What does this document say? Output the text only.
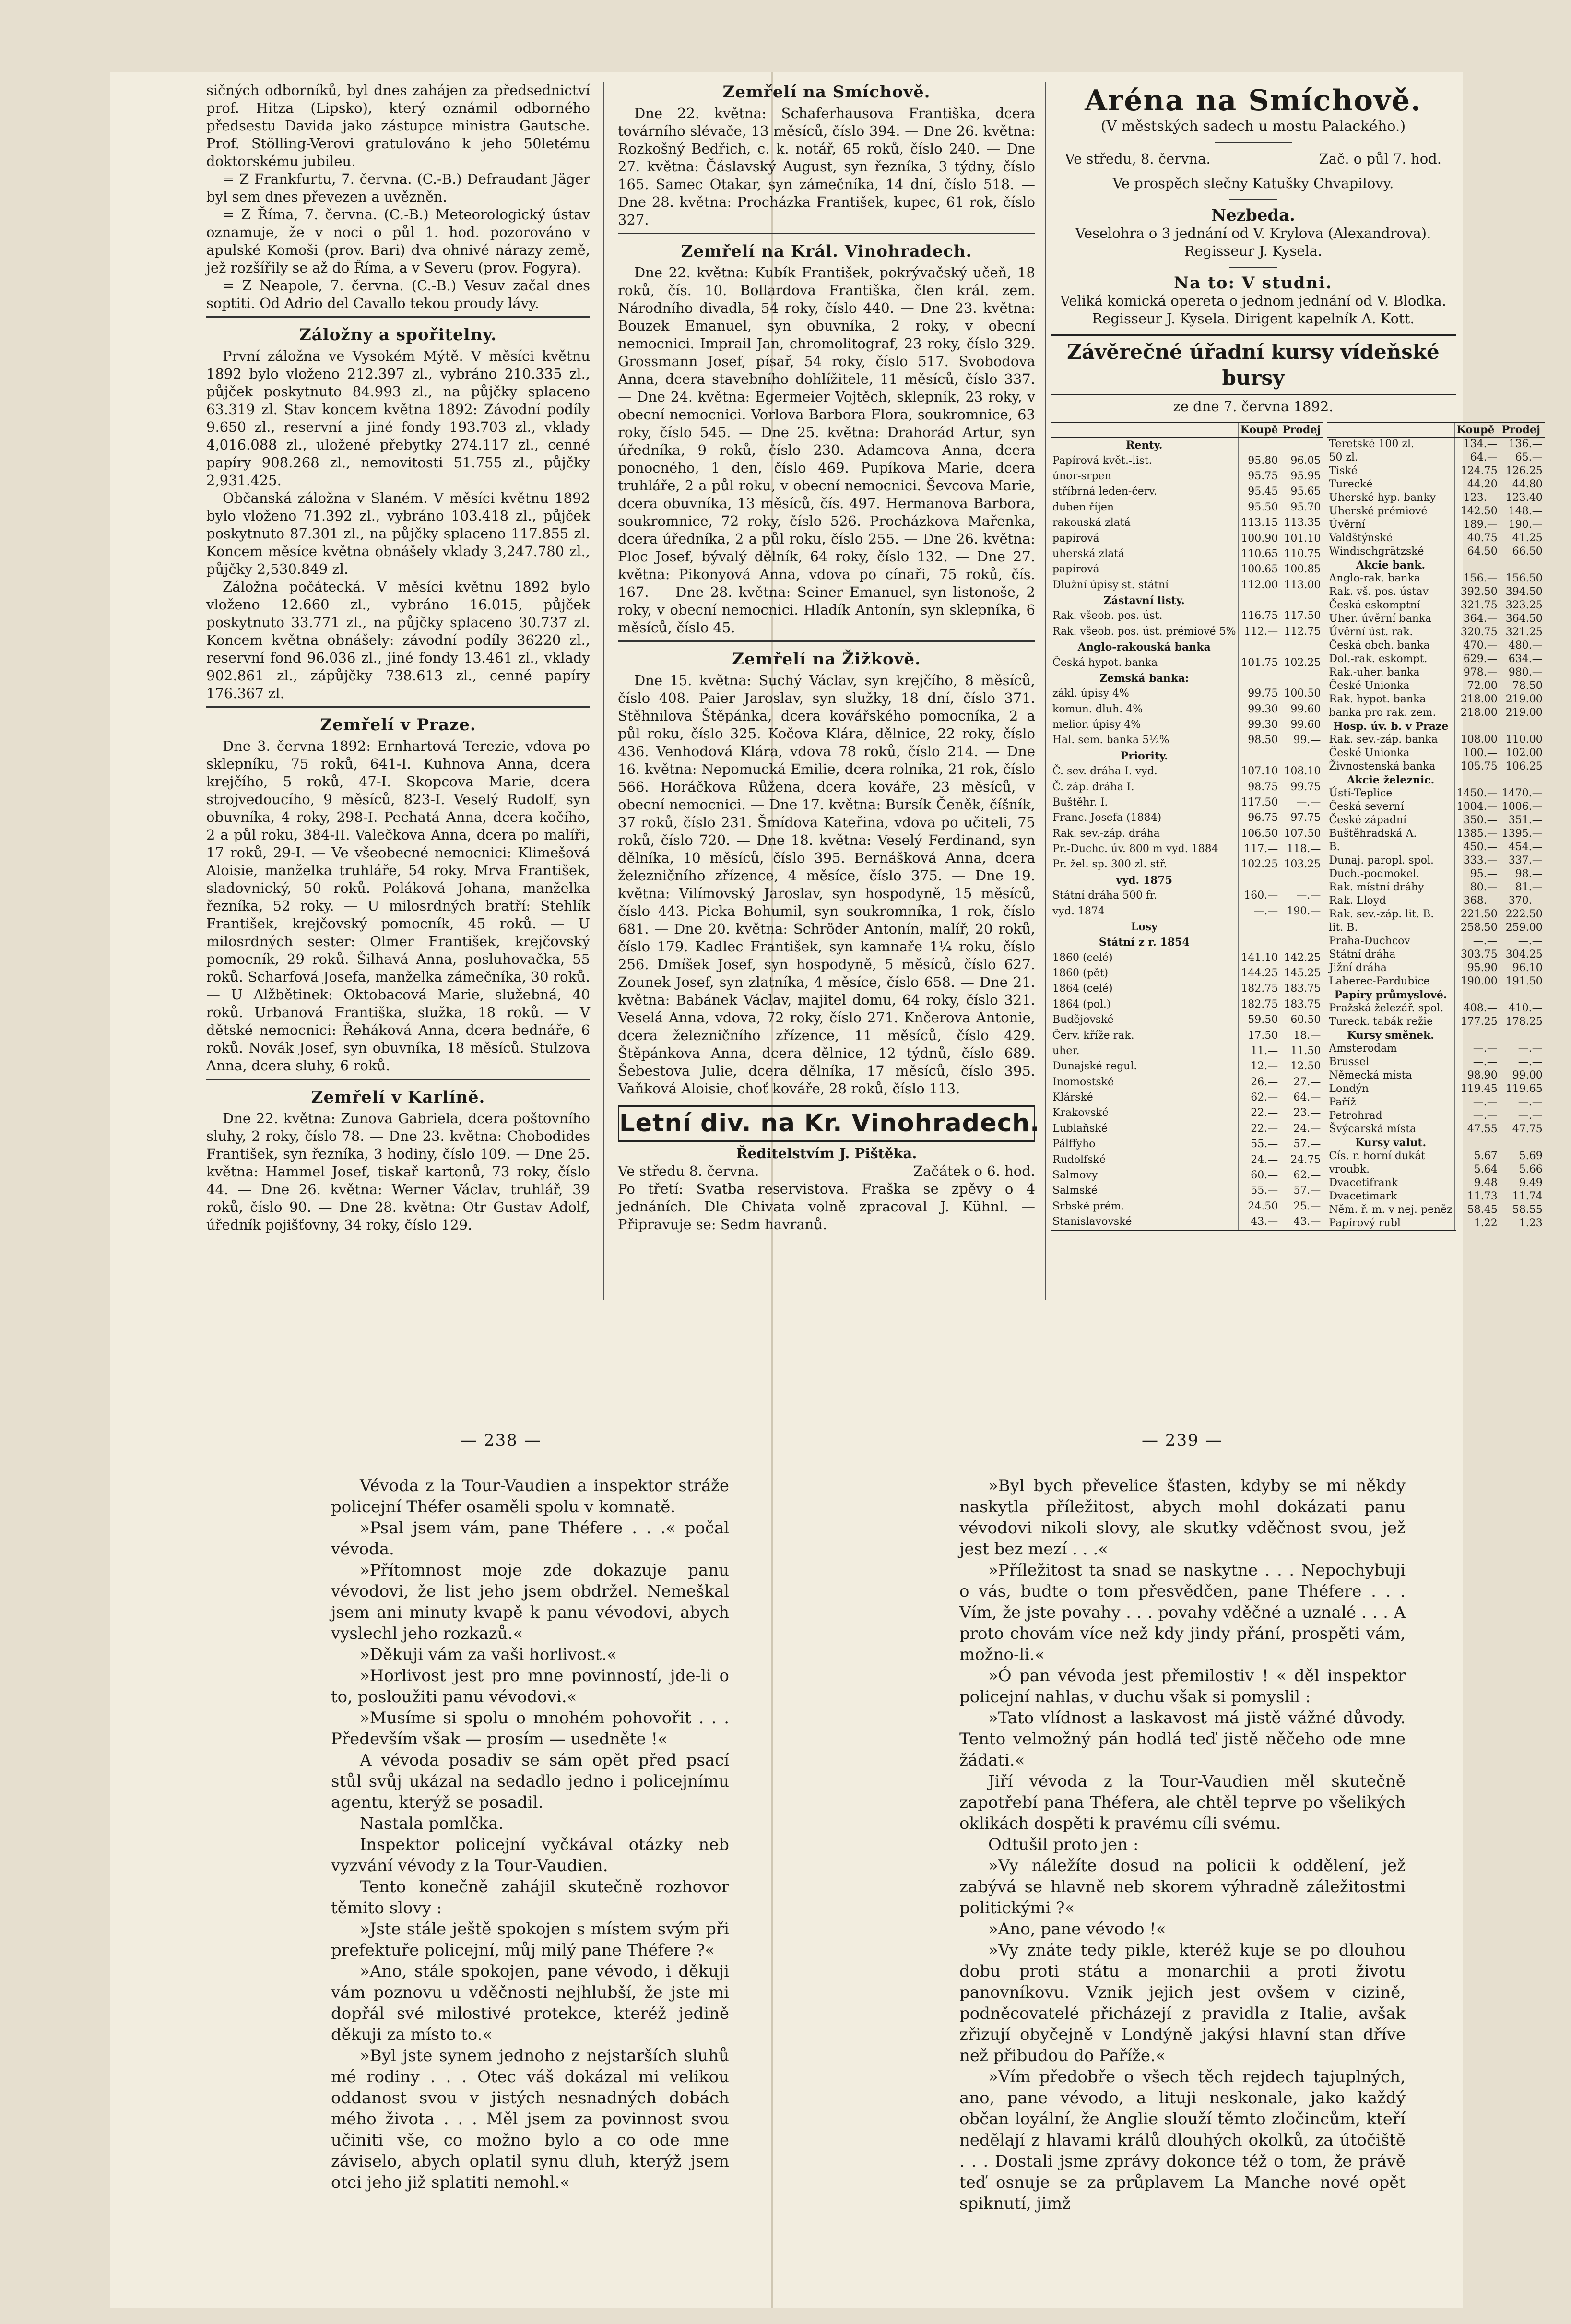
sičných odborníků, byl dnes zahájen za předsednictví prof. Hitza (Lipsko), který oznámil odborného předsestu Davida jako zástupce ministra Gautsche. Prof. Stölling-Verovi gratulováno k jeho 50letému doktorskému jubileu.

= Z Frankfurtu, 7. června. (C.-B.) Defraudant Jäger byl sem dnes převezen a uvězněn.

= Z Říma, 7. června. (C.-B.) Meteorologický ústav oznamuje, že v noci o půl 1. hod. pozorováno v apulské Komoši (prov. Bari) dva ohnivé nárazy země, jež rozšířily se až do Říma, a v Severu (prov. Fogyra).

= Z Neapole, 7. června. (C.-B.) Vesuv začal dnes soptiti. Od Adrio del Cavallo tekou proudy lávy.

Záložny a spořitelny.

První záložna ve Vysokém Mýtě. V měsíci květnu 1892 bylo vloženo 212.397 zl., vybráno 210.335 zl., půjček poskytnuto 84.993 zl., na půjčky splaceno 63.319 zl. Stav koncem května 1892: Závodní podíly 9.650 zl., reservní a jiné fondy 193.703 zl., vklady 4,016.088 zl., uložené přebytky 274.117 zl., cenné papíry 908.268 zl., nemovitosti 51.755 zl., půjčky 2,931.425.

Občanská záložna v Slaném. V měsíci květnu 1892 bylo vloženo 71.392 zl., vybráno 103.418 zl., půjček poskytnuto 87.301 zl., na půjčky splaceno 117.855 zl. Koncem měsíce května obnášely vklady 3,247.780 zl., půjčky 2,530.849 zl.

Záložna počátecká. V měsíci květnu 1892 bylo vloženo 12.660 zl., vybráno 16.015, půjček poskytnuto 33.771 zl., na půjčky splaceno 30.737 zl. Koncem května obnášely: závodní podíly 36220 zl., reservní fond 96.036 zl., jiné fondy 13.461 zl., vklady 902.861 zl., zápůjčky 738.613 zl., cenné papíry 176.367 zl.

Zemřelí v Praze.

Dne 3. června 1892: Ernhartová Terezie, vdova po sklepníku, 75 roků, 641-I. Kuhnova Anna, dcera krejčího, 5 roků, 47-I. Skopcova Marie, dcera strojvedoucího, 9 měsíců, 823-I. Veselý Rudolf, syn obuvníka, 4 roky, 298-I. Pechatá Anna, dcera kočího, 2 a půl roku, 384-II. Valečkova Anna, dcera po malíři, 17 roků, 29-I. — Ve všeobecné nemocnici: Klimešová Aloisie, manželka truhláře, 54 roky. Mrva František, sladovnický, 50 roků. Poláková Johana, manželka řezníka, 52 roky. — U milosrdných bratří: Stehlík František, krejčovský pomocník, 45 roků. — U milosrdných sester: Olmer František, krejčovský pomocník, 29 roků. Šilhavá Anna, posluhovačka, 55 roků. Scharfová Josefa, manželka zámečníka, 30 roků. — U Alžbětinek: Oktobacová Marie, služebná, 40 roků. Urbanová Františka, služka, 18 roků. — V dětské nemocnici: Řeháková Anna, dcera bednáře, 6 roků. Novák Josef, syn obuvníka, 18 měsíců. Stulzova Anna, dcera sluhy, 6 roků.

Zemřelí v Karlíně.

Dne 22. května: Zunova Gabriela, dcera poštovního sluhy, 2 roky, číslo 78. — Dne 23. května: Chobodides František, syn řezníka, 3 hodiny, číslo 109. — Dne 25. května: Hammel Josef, tiskař kartonů, 73 roky, číslo 44. — Dne 26. května: Werner Václav, truhlář, 39 roků, číslo 90. — Dne 28. května: Otr Gustav Adolf, úředník pojišťovny, 34 roky, číslo 129.

Zemřelí na Smíchově.

Dne 22. května: Schaferhausova Františka, dcera továrního slévače, 13 měsíců, číslo 394. — Dne 26. května: Rozkošný Bedřich, c. k. notář, 65 roků, číslo 240. — Dne 27. května: Čáslavský August, syn řezníka, 3 týdny, číslo 165. Samec Otakar, syn zámečníka, 14 dní, číslo 518. — Dne 28. května: Procházka František, kupec, 61 rok, číslo 327.

Zemřelí na Král. Vinohradech.

Dne 22. května: Kubík František, pokrývačský učeň, 18 roků, čís. 10. Bollardova Františka, člen král. zem. Národního divadla, 54 roky, číslo 440. — Dne 23. května: Bouzek Emanuel, syn obuvníka, 2 roky, v obecní nemocnici. Imprail Jan, chromolitograf, 23 roky, číslo 329. Grossmann Josef, písař, 54 roky, číslo 517. Svobodova Anna, dcera stavebního dohlížitele, 11 měsíců, číslo 337. — Dne 24. května: Egermeier Vojtěch, sklepník, 23 roky, v obecní nemocnici. Vorlova Barbora Flora, soukromnice, 63 roky, číslo 545. — Dne 25. května: Drahorád Artur, syn úředníka, 9 roků, číslo 230. Adamcova Anna, dcera ponocného, 1 den, číslo 469. Pupíkova Marie, dcera truhláře, 2 a půl roku, v obecní nemocnici. Ševcova Marie, dcera obuvníka, 13 měsíců, čís. 497. Hermanova Barbora, soukromnice, 72 roky, číslo 526. Procházkova Mařenka, dcera úředníka, 2 a půl roku, číslo 255. — Dne 26. května: Ploc Josef, bývalý dělník, 64 roky, číslo 132. — Dne 27. května: Pikonyová Anna, vdova po cínaři, 75 roků, čís. 167. — Dne 28. května: Seiner Emanuel, syn listonoše, 2 roky, v obecní nemocnici. Hladík Antonín, syn sklepníka, 6 měsíců, číslo 45.

Zemřelí na Žižkově.

Dne 15. května: Suchý Václav, syn krejčího, 8 měsíců, číslo 408. Paier Jaroslav, syn služky, 18 dní, číslo 371. Stěhnilova Štěpánka, dcera kovářského pomocníka, 2 a půl roku, číslo 325. Kočova Klára, dělnice, 22 roky, číslo 436. Venhodová Klára, vdova 78 roků, číslo 214. — Dne 16. května: Nepomucká Emilie, dcera rolníka, 21 rok, číslo 566. Horáčkova Růžena, dcera kováře, 23 měsíců, v obecní nemocnici. — Dne 17. května: Bursík Čeněk, číšník, 37 roků, číslo 231. Šmídova Kateřina, vdova po učiteli, 75 roků, číslo 720. — Dne 18. května: Veselý Ferdinand, syn dělníka, 10 měsíců, číslo 395. Bernášková Anna, dcera železničního zřízence, 4 měsíce, číslo 375. — Dne 19. května: Vilímovský Jaroslav, syn hospodyně, 15 měsíců, číslo 443. Picka Bohumil, syn soukromníka, 1 rok, číslo 681. — Dne 20. května: Schröder Antonín, malíř, 20 roků, číslo 179. Kadlec František, syn kamnaře 1¼ roku, číslo 256. Dmíšek Josef, syn hospodyně, 5 měsíců, číslo 627. Zounek Josef, syn zlatníka, 4 měsíce, číslo 658. — Dne 21. května: Babánek Václav, majitel domu, 64 roky, číslo 321. Veselá Anna, vdova, 72 roky, číslo 271. Knčerova Antonie, dcera železničního zřízence, 11 měsíců, číslo 429. Štěpánkova Anna, dcera dělnice, 12 týdnů, číslo 689. Šebestova Julie, dcera dělníka, 17 měsíců, číslo 395. Vaňková Aloisie, choť kováře, 28 roků, číslo 113.

Letní div. na Kr. Vinohradech.
Ředitelstvím J. Pištěka.
Ve středu 8. června.	Začátek o 6. hod.

Po třetí: Svatba reservistova. Fraška se zpěvy o 4 jednáních. Dle Chivata volně zpracoval J. Kühnl. — Připravuje se: Sedm havranů.

Aréna na Smíchově.
(V městských sadech u mostu Palackého.)
Ve středu, 8. června.	Zač. o půl 7. hod.
Ve prospěch slečny Katušky Chvapilovy.
Nezbeda.
Veselohra o 3 jednání od V. Krylova (Alexandrova). Regisseur J. Kysela.
Na to: V studni.
Veliká komická opereta o jednom jednání od V. Blodka. Regisseur J. Kysela. Dirigent kapelník A. Kott.
Závěrečné úřadní kursy vídeňské bursy
ze dne 7. června 1892.
	Koupě	Prodej
Renty.		
Papírová květ.-list.	95.80	96.05
únor-srpen	95.75	95.95
stříbrná leden-červ.	95.45	95.65
duben říjen	95.50	95.70
rakouská zlatá	113.15	113.35
papírová	100.90	101.10
uherská zlatá	110.65	110.75
papírová	100.65	100.85
Dlužní úpisy st. státní	112.00	113.00
Zástavní listy.		
Rak. všeob. pos. úst.	116.75	117.50
Rak. všeob. pos. úst. prémiové 5%	112.—	112.75
Anglo-rakouská banka		
Česká hypot. banka	101.75	102.25
Zemská banka:		
zákl. úpisy 4%	99.75	100.50
komun. dluh. 4%	99.30	99.60
melior. úpisy 4%	99.30	99.60
Hal. sem. banka 5½%	98.50	99.—
Priority.		
Č. sev. dráha I. vyd.	107.10	108.10
Č. záp. dráha I.	98.75	99.75
Buštěhr. I.	117.50	—.—
Franc. Josefa (1884)	96.75	97.75
Rak. sev.-záp. dráha	106.50	107.50
Pr.-Duchc. úv. 800 m vyd. 1884	117.—	118.—
Pr. žel. sp. 300 zl. stř.	102.25	103.25
vyd. 1875		
Státní dráha 500 fr.	160.—	—.—
vyd. 1874	—.—	190.—
Losy		
Státní z r. 1854		
1860 (celé)	141.10	142.25
1860 (pět)	144.25	145.25
1864 (celé)	182.75	183.75
1864 (pol.)	182.75	183.75
Budějovské	59.50	60.50
Červ. kříže rak.	17.50	18.—
uher.	11.—	11.50
Dunajské regul.	12.—	12.50
Inomostské	26.—	27.—
Klárské	62.—	64.—
Krakovské	22.—	23.—
Lublaňské	22.—	24.—
Pálffyho	55.—	57.—
Rudolfské	24.—	24.75
Salmovy	60.—	62.—
Salmské	55.—	57.—
Srbské prém.	24.50	25.—
Stanislavovské	43.—	43.—
	Koupě	Prodej
Teretské 100 zl.	134.—	136.—
50 zl.	64.—	65.—
Tiské	124.75	126.25
Turecké	44.20	44.80
Uherské hyp. banky	123.—	123.40
Uherské prémiové	142.50	148.—
Úvěrní	189.—	190.—
Valdštýnské	40.75	41.25
Windischgrätzské	64.50	66.50
Akcie bank.		
Anglo-rak. banka	156.—	156.50
Rak. vš. pos. ústav	392.50	394.50
Česká eskomptní	321.75	323.25
Uher. úvěrní banka	364.—	364.50
Úvěrní úst. rak.	320.75	321.25
Česká obch. banka	470.—	480.—
Dol.-rak. eskompt.	629.—	634.—
Rak.-uher. banka	978.—	980.—
České Unionka	72.00	78.50
Rak. hypot. banka	218.00	219.00
banka pro rak. zem.	218.00	219.00
Hosp. úv. b. v Praze		
Rak. sev.-záp. banka	108.00	110.00
České Unionka	100.—	102.00
Živnostenská banka	105.75	106.25
Akcie železnic.		
Ústí-Teplice	1450.—	1470.—
Česká severní	1004.—	1006.—
České západní	350.—	351.—
Buštěhradská A.	1385.—	1395.—
B.	450.—	454.—
Dunaj. paropl. spol.	333.—	337.—
Duch.-podmokel.	95.—	98.—
Rak. místní dráhy	80.—	81.—
Rak. Lloyd	368.—	370.—
Rak. sev.-záp. lit. B.	221.50	222.50
lit. B.	258.50	259.00
Praha-Duchcov	—.—	—.—
Státní dráha	303.75	304.25
Jižní dráha	95.90	96.10
Laberec-Pardubice	190.00	191.50
Papíry průmyslové.		
Pražská železář. spol.	408.—	410.—
Tureck. tabák režie	177.25	178.25
Kursy směnek.		
Amsterodam	—.—	—.—
Brussel	—.—	—.—
Německá místa	98.90	99.00
Londýn	119.45	119.65
Paříž	—.—	—.—
Petrohrad	—.—	—.—
Švýcarská místa	47.55	47.75
Kursy valut.		
Cís. r. horní dukát	5.67	5.69
vroubk.	5.64	5.66
Dvacetifrank	9.48	9.49
Dvacetimark	11.73	11.74
Něm. ř. m. v nej. peněz	58.45	58.55
Papírový rubl	1.22	1.23
— 238 —	— 239 —

Vévoda z la Tour-Vaudien a inspektor stráže policejní Théfer osaměli spolu v komnatě.

»Psal jsem vám, pane Théfere . . .« počal vévoda.

»Přítomnost moje zde dokazuje panu vévodovi, že list jeho jsem obdržel. Nemeškal jsem ani minuty kvapě k panu vévodovi, abych vyslechl jeho rozkazů.«

»Děkuji vám za vaši horlivost.«

»Horlivost jest pro mne povinností, jde-li o to, posloužiti panu vévodovi.«

»Musíme si spolu o mnohém pohovořit . . . Především však — prosím — usedněte !«

A vévoda posadiv se sám opět před psací stůl svůj ukázal na sedadlo jedno i policejnímu agentu, kterýž se posadil.

Nastala pomlčka.

Inspektor policejní vyčkával otázky neb vyzvání vévody z la Tour-Vaudien.

Tento konečně zahájil skutečně rozhovor těmito slovy :

»Jste stále ještě spokojen s místem svým při prefektuře policejní, můj milý pane Théfere ?«

»Ano, stále spokojen, pane vévodo, i děkuji vám poznovu u vděčnosti nejhlubší, že jste mi dopřál své milostivé protekce, kteréž jedině děkuji za místo to.«

»Byl jste synem jednoho z nejstarších sluhů mé rodiny . . . Otec váš dokázal mi velikou oddanost svou v jistých nesnadných dobách mého života . . . Měl jsem za povinnost svou učiniti vše, co možno bylo a co ode mne záviselo, abych oplatil synu dluh, kterýž jsem otci jeho již splatiti nemohl.«

»Byl bych převelice šťasten, kdyby se mi někdy naskytla příležitost, abych mohl dokázati panu vévodovi nikoli slovy, ale skutky vděčnost svou, jež jest bez mezí . . .«

»Příležitost ta snad se naskytne . . . Nepochybuji o vás, budte o tom přesvědčen, pane Théfere . . . Vím, že jste povahy . . . povahy vděčné a uznalé . . . A proto chovám více než kdy jindy přání, prospěti vám, možno-li.«

»Ó pan vévoda jest přemilostiv ! « děl inspektor policejní nahlas, v duchu však si pomyslil :

»Tato vlídnost a laskavost má jistě vážné důvody. Tento velmožný pán hodlá teď jistě něčeho ode mne žádati.«

Jiří vévoda z la Tour-Vaudien měl skutečně zapotřebí pana Théfera, ale chtěl teprve po všelikých oklikách dospěti k pravému cíli svému.

Odtušil proto jen :

»Vy náležíte dosud na policii k oddělení, jež zabývá se hlavně neb skorem výhradně záležitostmi politickými ?«

»Ano, pane vévodo !«

»Vy znáte tedy pikle, kteréž kuje se po dlouhou dobu proti státu a monarchii a proti životu panovníkovu. Vznik jejich jest ovšem v cizině, podněcovatelé přicházejí z pravidla z Italie, avšak zřizují obyčejně v Londýně jakýsi hlavní stan dříve než přibudou do Paříže.«

»Vím předobře o všech těch rejdech tajuplných, ano, pane vévodo, a lituji neskonale, jako každý občan loyální, že Anglie slouží těmto zločincům, kteří nedělají z hlavami králů dlouhých okolků, za útočiště . . . Dostali jsme zprávy dokonce též o tom, že právě teď osnuje se za průplavem La Manche nové opět spiknutí, jimž
